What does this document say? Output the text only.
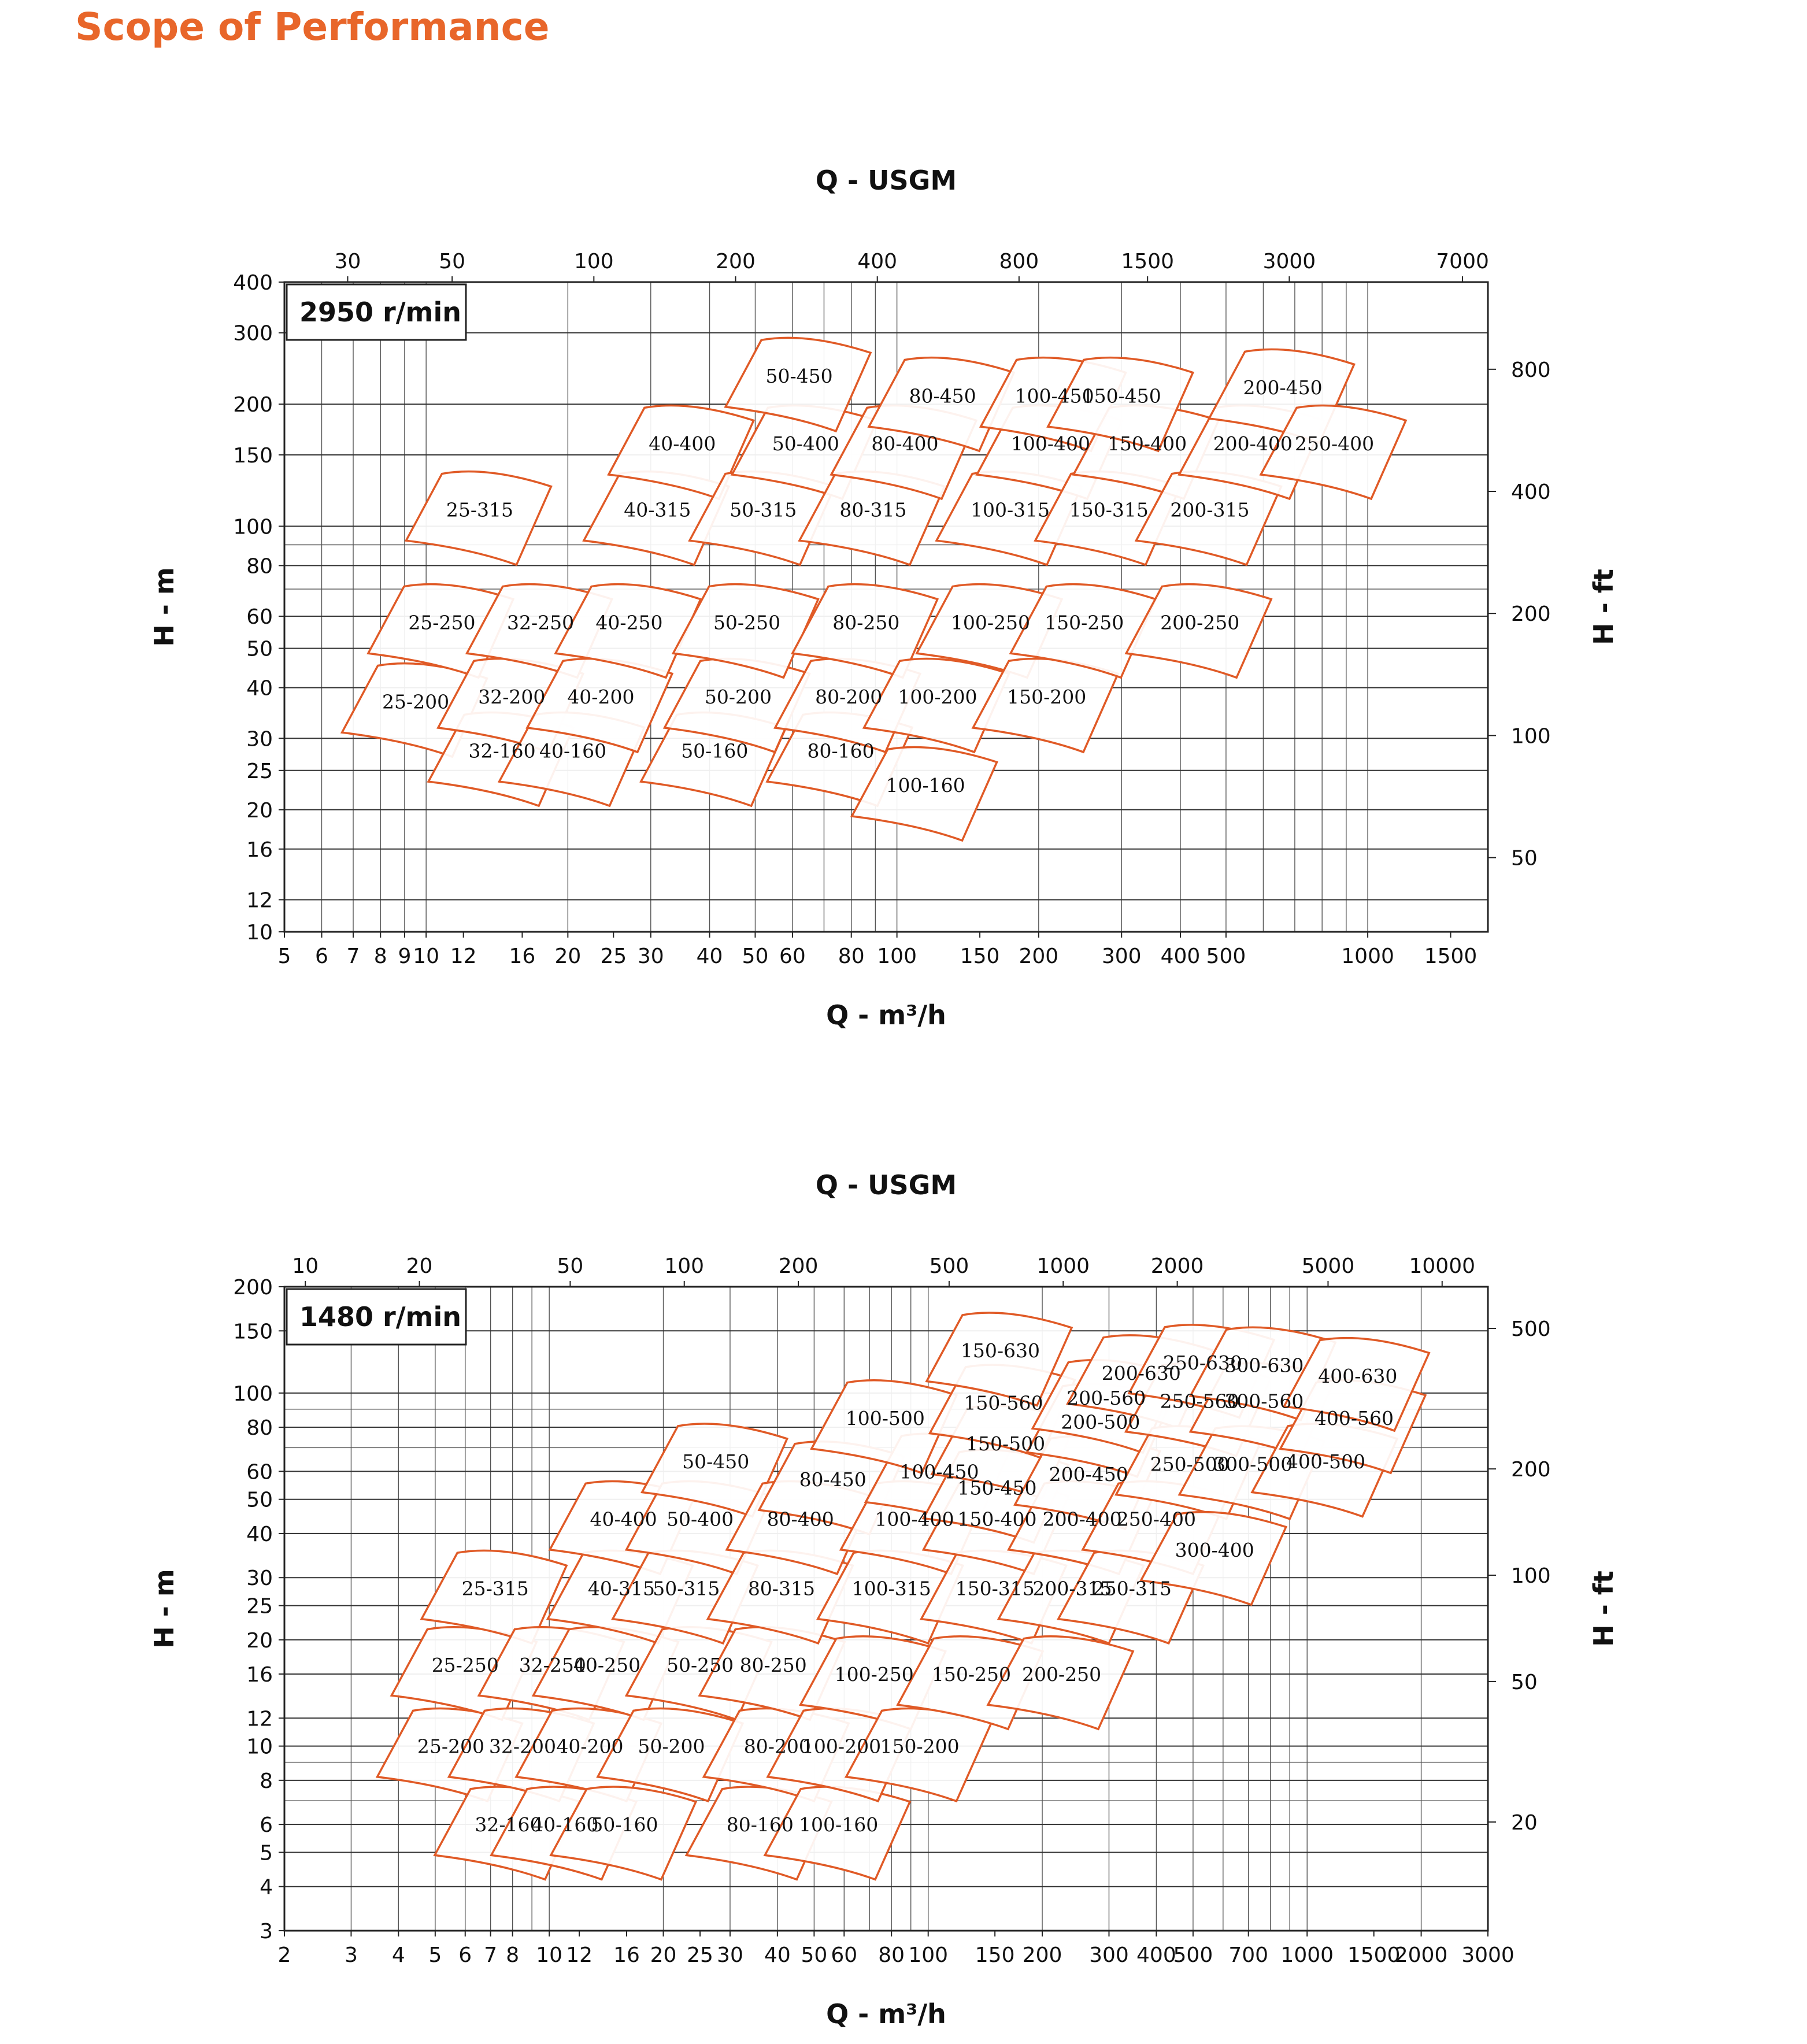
Scope of Performance
25-200
25-250
25-315
32-160
32-200
32-250
40-160
40-200
40-250
40-315
40-400
50-160
50-200
50-250
50-315
50-400
50-450
80-160
80-200
80-250
80-315
80-400
80-450
100-160
100-200
100-250
100-315
100-400
100-450
150-200
150-250
150-315
150-400
150-450
200-250
200-315
200-400
200-450
250-400
5 6 7 8 9 10 12 16 20 25 30 40 50 60 80 100 150 200 300 400 500	1000 1500
10
12
16
20
25
30
40
50
60
80
100
150
200
300
400
30	50	100	200	400	800	1500	3000	7000
50
100
200
400
800
2950 r/min
Q - USGM
Q - m³/h
H - m	H - ft
25-200
25-250
25-315
32-160
32-200
32-250
40-160
40-200
40-250
40-315
40-400
50-160
50-200
50-250
50-315
50-400
50-450
80-160
80-200
80-250
80-315
80-400
80-450
100-160
100-200
100-250
100-315
100-400
100-450
100-500
150-200
150-250
150-315
150-400
150-450
150-500
150-560
150-630
200-250
200-315
200-400
200-450
200-500
200-560
200-630
250-315
250-400
250-500
250-560
250-630
300-400
300-500
300-560
300-630
400-500
400-560
400-630
2	3 4 5 6 7 8 10 12 16 20 25 30 40 50 60 80 100 150 200 300 400
500 700 1000 1500
2000 3000
3
4
5
6
8
10
12
16
20
25
30
40
50
60
80
100
150
200
10	20	50	100	200	500	1000	2000	5000	10000
20
50
100
200
500
1480 r/min
Q - USGM
Q - m³/h
H - m	H - ft
